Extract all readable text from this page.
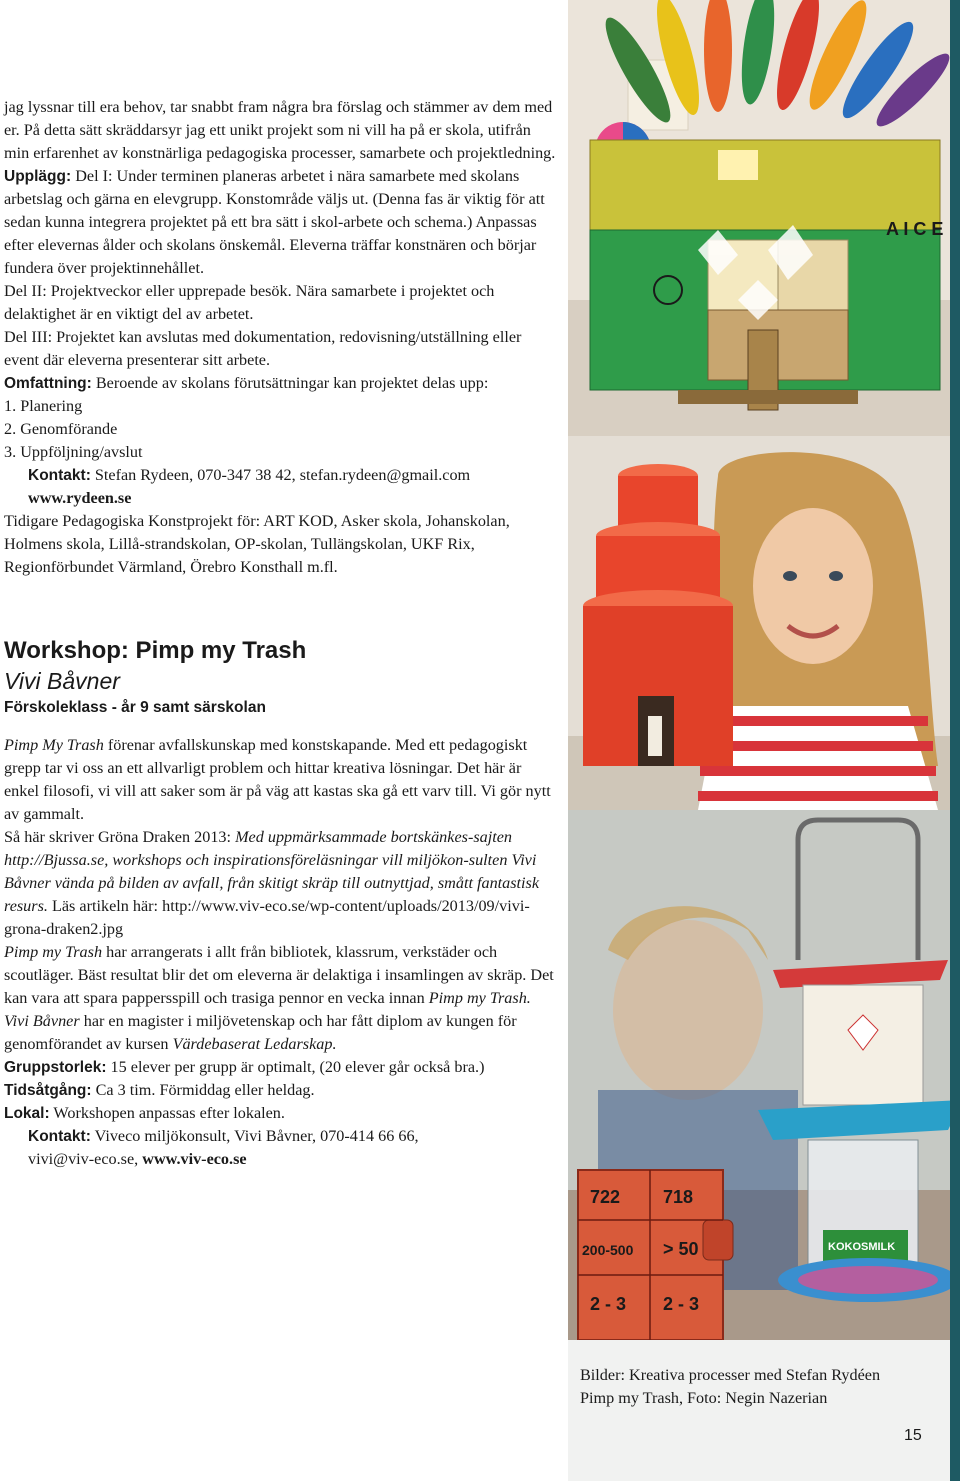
jag lyssnar till era behov, tar snabbt fram några bra förslag och stämmer av dem med er. På detta sätt skräddarsyr jag ett unikt projekt som ni vill ha på er skola, utifrån min erfarenhet av konstnärliga pedagogiska processer, samarbete och projektledning.

Upplägg: Del I: Under terminen planeras arbetet i nära samarbete med skolans arbetslag och gärna en elevgrupp. Konstområde väljs ut. (Denna fas är viktig för att sedan kunna integrera projektet på ett bra sätt i skol-arbete och schema.) Anpassas efter elevernas ålder och skolans önskemål. Eleverna träffar konstnären och börjar fundera över projektinnehållet.

Del II: Projektveckor eller upprepade besök. Nära samarbete i projektet och delaktighet är en viktigt del av arbetet.

Del III: Projektet kan avslutas med dokumentation, redovisning/utställning eller event där eleverna presenterar sitt arbete.

Omfattning: Beroende av skolans förutsättningar kan projektet delas upp:

1. Planering

2. Genomförande

3. Uppföljning/avslut

Kontakt: Stefan Rydeen, 070-347 38 42, stefan.rydeen@gmail.com

www.rydeen.se

Tidigare Pedagogiska Konstprojekt för: ART KOD, Asker skola, Johanskolan, Holmens skola, Lillå-strandskolan, OP-skolan, Tullängskolan, UKF Rix, Regionförbundet Värmland, Örebro Konsthall m.fl.

Workshop: Pimp my Trash
Vivi Båvner
Förskoleklass - år 9 samt särskolan

Pimp My Trash förenar avfallskunskap med konstskapande. Med ett pedagogiskt grepp tar vi oss an ett allvarligt problem och hittar kreativa lösningar. Det här är enkel filosofi, vi vill att saker som är på väg att kastas ska gå ett varv till. Vi gör nytt av gammalt.

Så här skriver Gröna Draken 2013: Med uppmärksammade bortskänkes-sajten http://Bjussa.se, workshops och inspirationsföreläsningar vill miljökon-sulten Vivi Båvner vända på bilden av avfall, från skitigt skräp till outnyttjad, smått fantastisk resurs. Läs artikeln här: http://www.viv-eco.se/wp-content/uploads/2013/09/vivi-grona-draken2.jpg

Pimp my Trash har arrangerats i allt från bibliotek, klassrum, verkstäder och scoutläger. Bäst resultat blir det om eleverna är delaktiga i insamlingen av skräp. Det kan vara att spara pappersspill och trasiga pennor en vecka innan Pimp my Trash.

Vivi Båvner har en magister i miljövetenskap och har fått diplom av kungen för genomförandet av kursen Värdebaserat Ledarskap.

Gruppstorlek: 15 elever per grupp är optimalt, (20 elever går också bra.)

Tidsåtgång: Ca 3 tim. Förmiddag eller heldag.

Lokal: Workshopen anpassas efter lokalen.

Kontakt: Viveco miljökonsult, Vivi Båvner, 070-414 66 66,

vivi@viv-eco.se, www.viv-eco.se

A I C E
KOKOSMILK
722 718
200-500 > 50
2 - 3 2 - 3
Bilder: Kreativa processer med Stefan Rydéen
Pimp my Trash, Foto: Negin Nazerian
15
